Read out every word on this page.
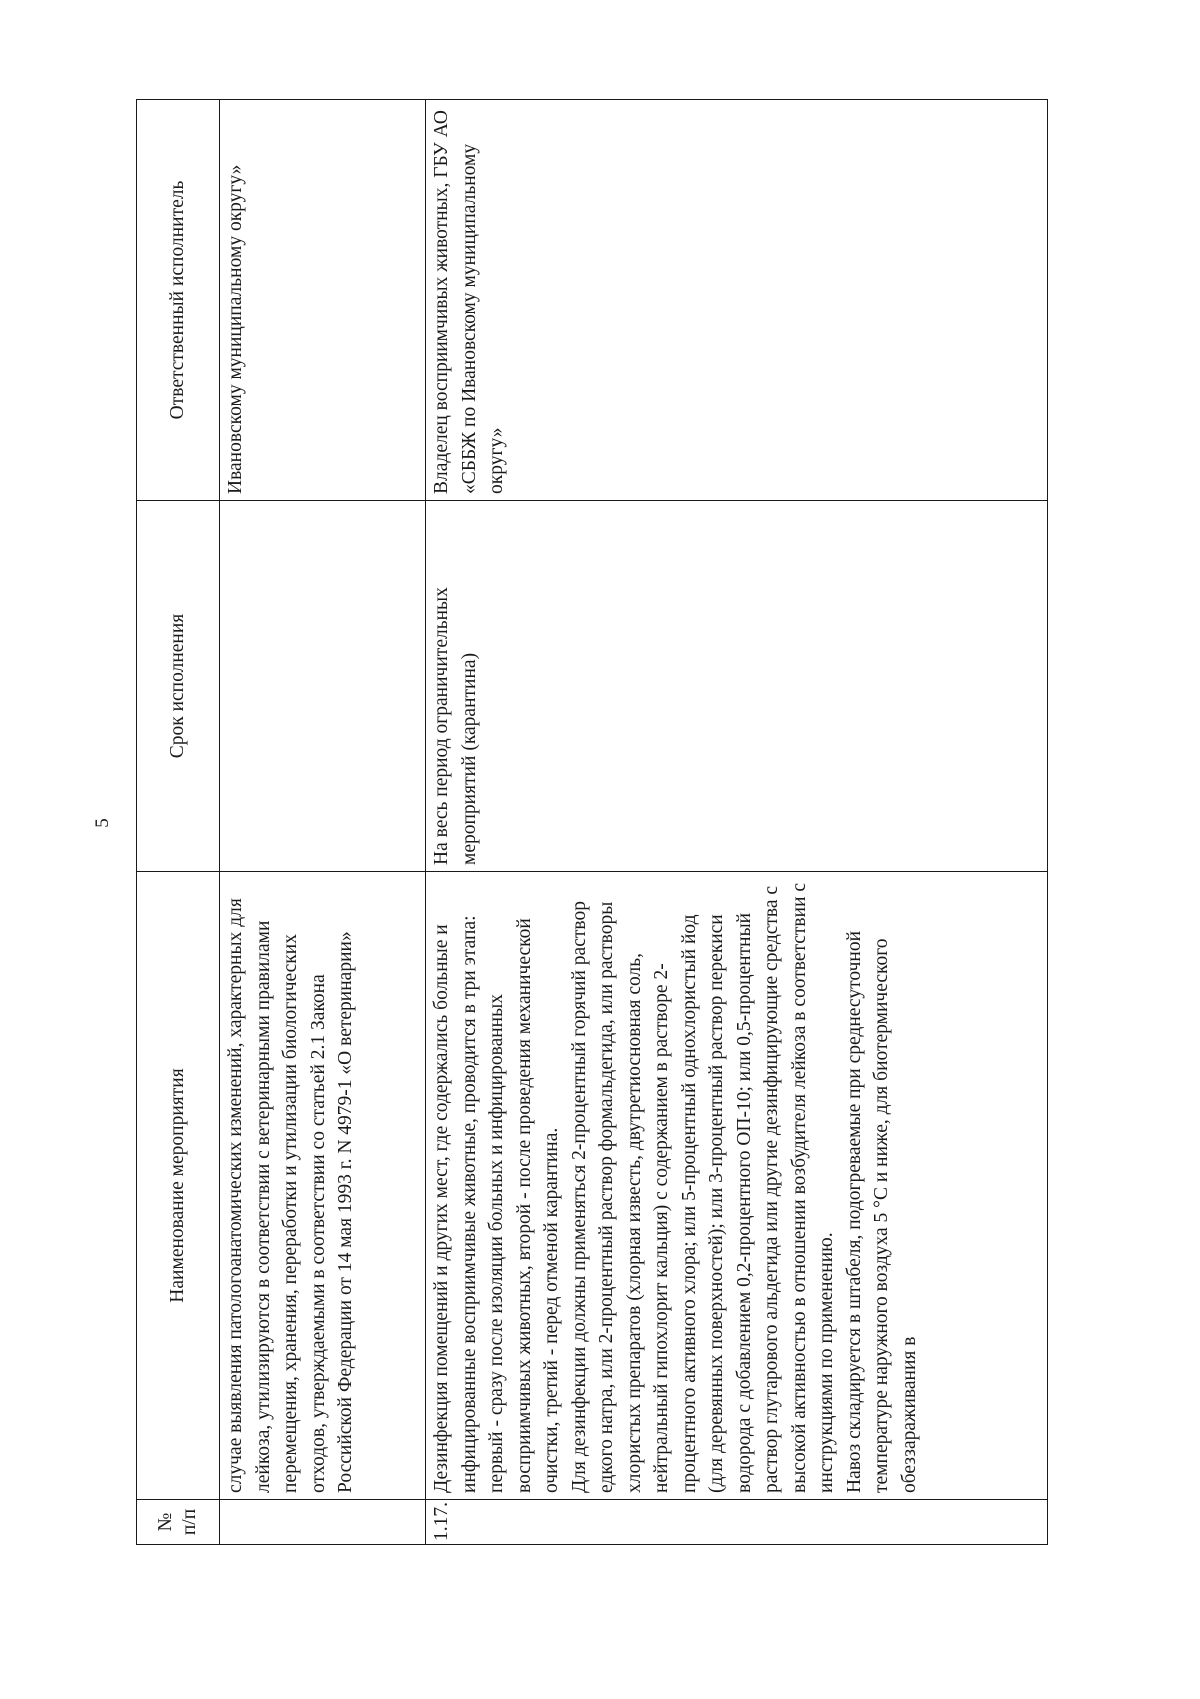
5
№ п/п	Наименование мероприятия	Срок исполнения	Ответственный исполнитель

	случае выявления патологоанатомических изменений, характерных для лейкоза, утилизируются в соответствии с ветеринарными правилами перемещения, хранения, переработки и утилизации биологических отходов, утверждаемыми в соответствии со статьей 2.1 Закона Российской Федерации от 14 мая 1993 г. N 4979-1 «О ветеринарии»		Ивановскому муниципальному округу»
1.17.	Дезинфекция помещений и других мест, где содержались больные и инфицированные восприимчивые животные, проводится в три этапа: первый - сразу после изоляции больных и инфицированных восприимчивых животных, второй - после проведения механической очистки, третий - перед отменой карантина. Для дезинфекции должны применяться 2-процентный горячий раствор едкого натра, или 2-процентный раствор формальдегида, или растворы хлористых препаратов (хлорная известь, двутретиосновная соль, нейтральный гипохлорит кальция) с содержанием в растворе 2-процентного активного хлора; или 5-процентный однохлористый йод (для деревянных поверхностей); или 3-процентный раствор перекиси водорода с добавлением 0,2-процентного ОП-10; или 0,5-процентный раствор глутарового альдегида или другие дезинфицирующие средства с высокой активностью в отношении возбудителя лейкоза в соответствии с инструкциями по применению. Навоз складируется в штабеля, подогреваемые при среднесуточной температуре наружного воздуха 5 °С и ниже, для биотермического обеззараживания в	На весь период ограничительных мероприятий (карантина)	Владелец восприимчивых животных, ГБУ АО «СББЖ по Ивановскому муниципальному округу»
